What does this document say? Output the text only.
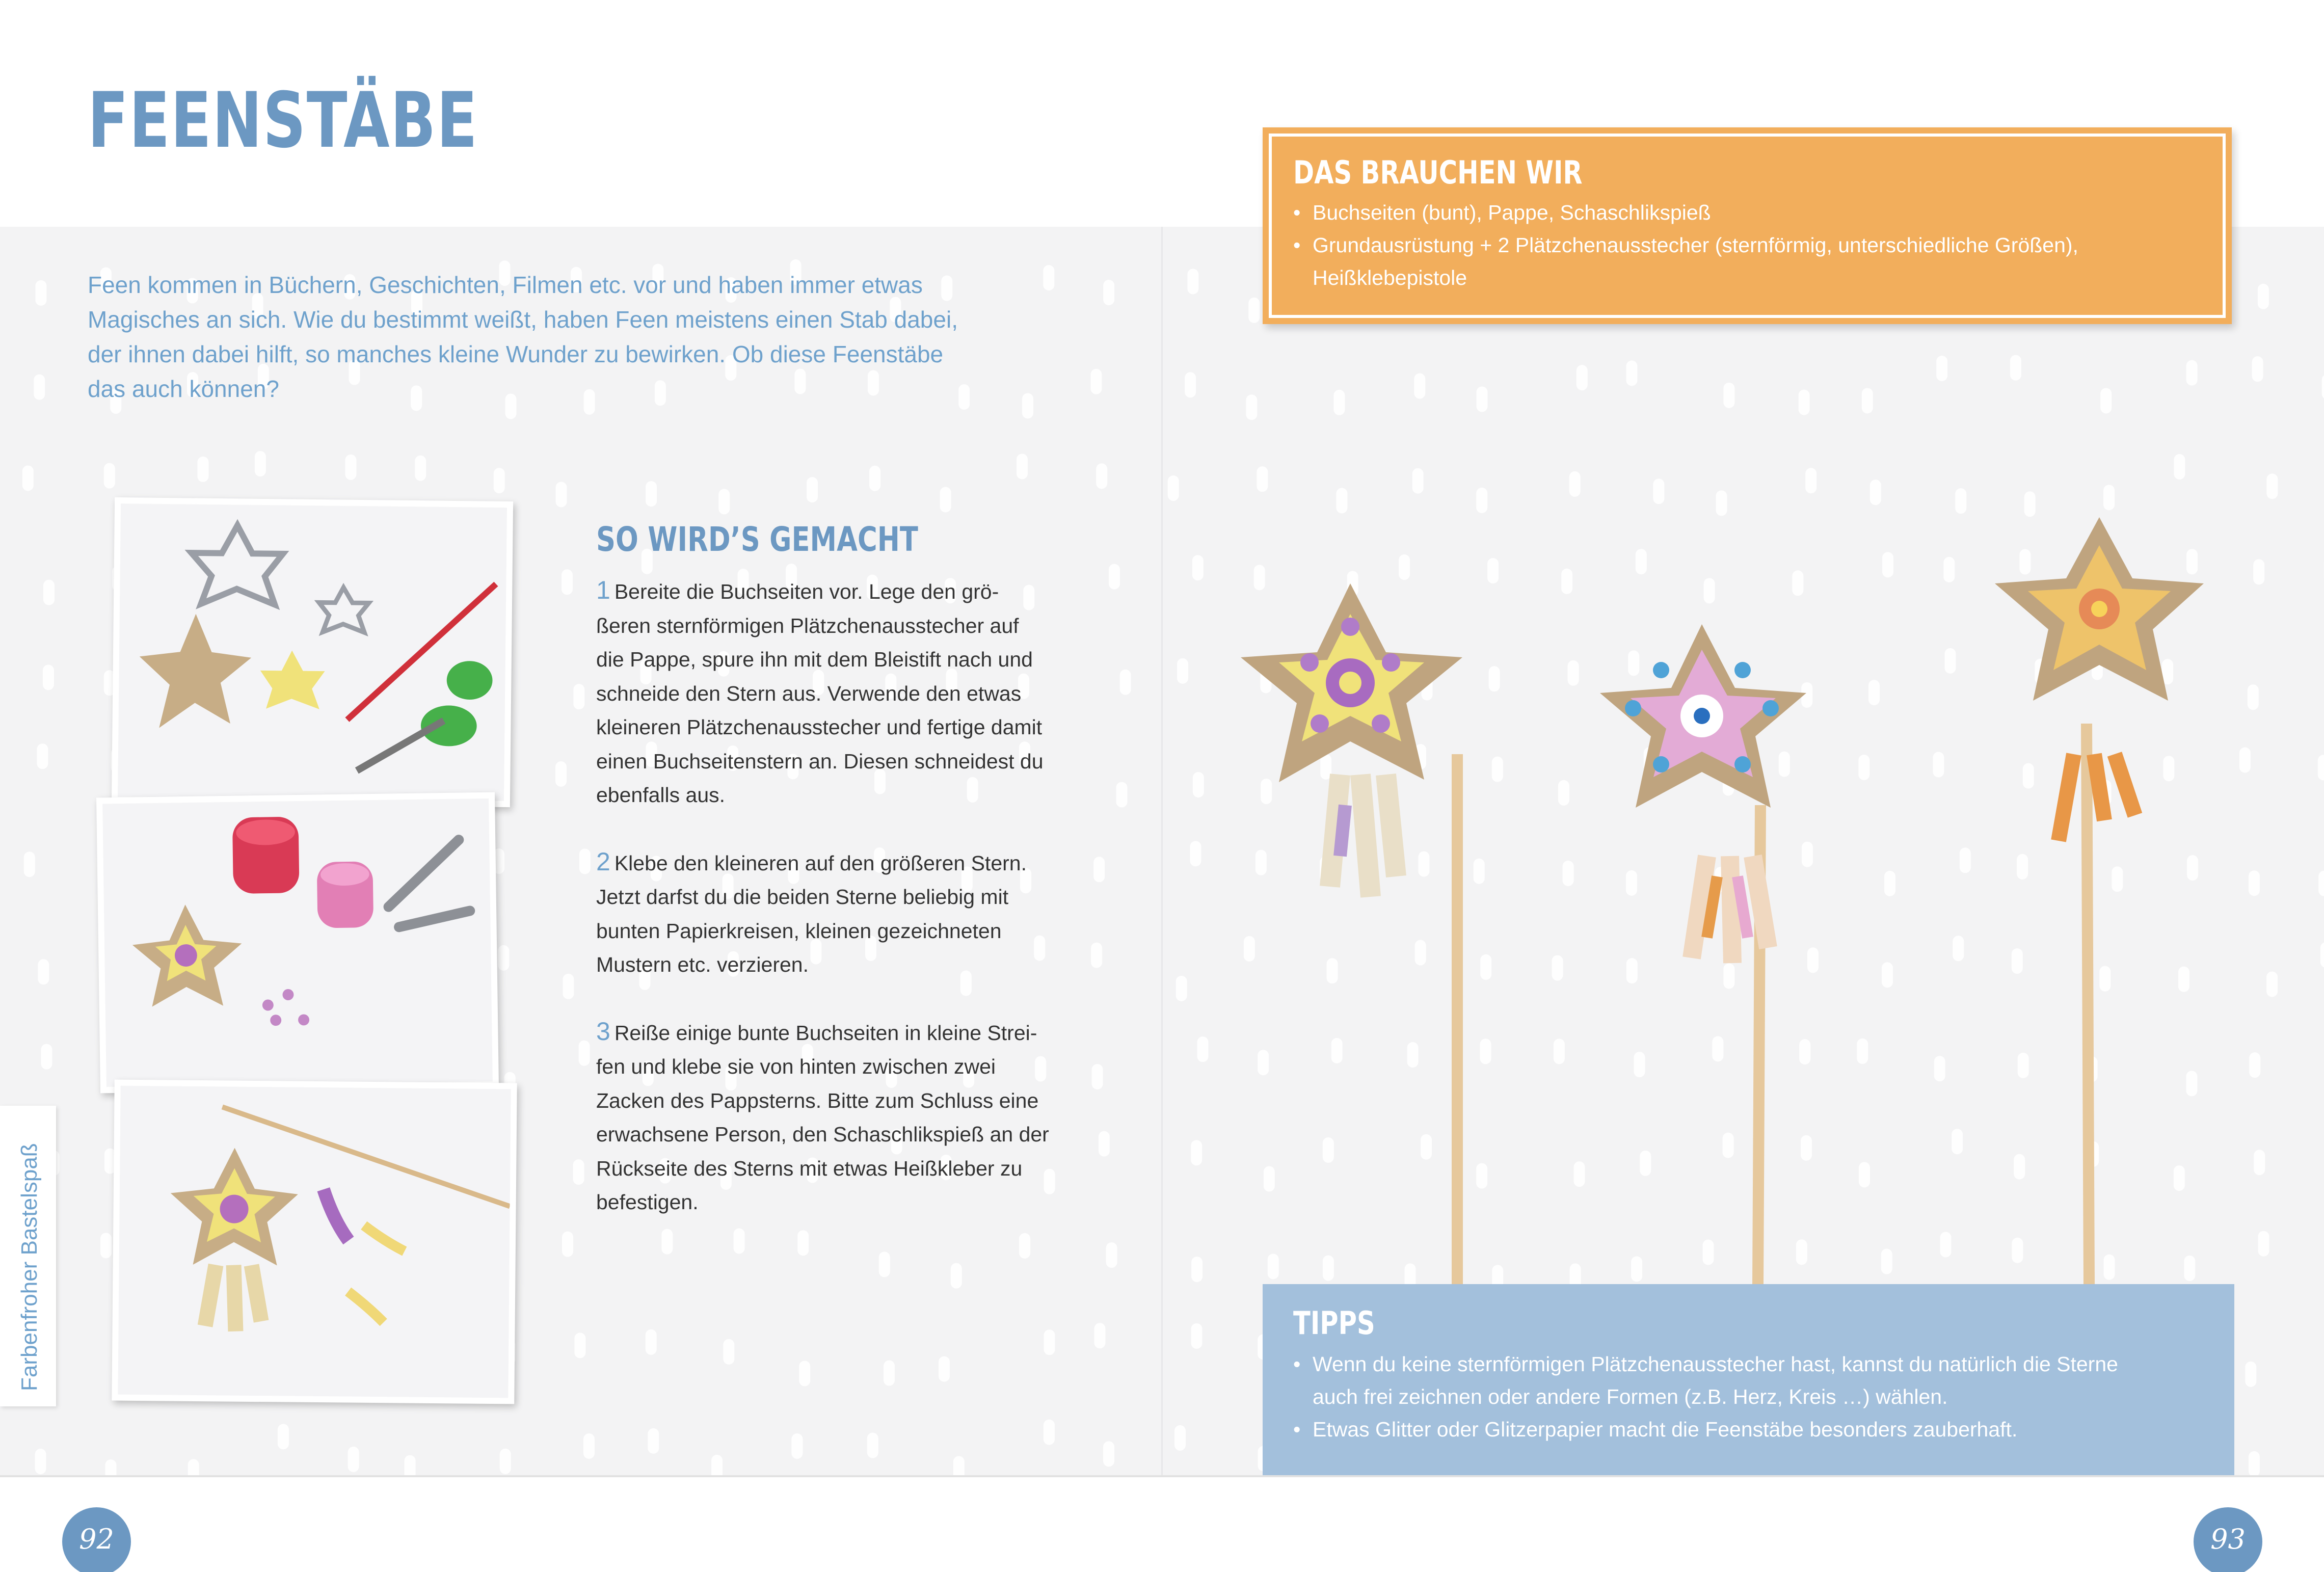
FEENSTÄBE
Feen kommen in Büchern, Geschichten, Filmen etc. vor und haben immer etwas
Magisches an sich. Wie du bestimmt weißt, haben Feen meistens einen Stab dabei,
der ihnen dabei hilft, so manches kleine Wunder zu bewirken. Ob diese Feenstäbe
das auch können?
SO WIRD’S GEMACHT
1 Bereite die Buchseiten vor. Lege den grö-
ßeren sternförmigen Plätzchenausstecher auf
die Pappe, spure ihn mit dem Bleistift nach und
schneide den Stern aus. Verwende den etwas
kleineren Plätzchenausstecher und fertige damit
einen Buchseitenstern an. Diesen schneidest du
ebenfalls aus.
2 Klebe den kleineren auf den größeren Stern.
Jetzt darfst du die beiden Sterne beliebig mit
bunten Papierkreisen, kleinen gezeichneten
Mustern etc. verzieren.
3 Reiße einige bunte Buchseiten in kleine Strei-
fen und klebe sie von hinten zwischen zwei
Zacken des Pappsterns. Bitte zum Schluss eine
erwachsene Person, den Schaschlikspieß an der
Rückseite des Sterns mit etwas Heißkleber zu
befestigen.
DAS BRAUCHEN WIR
• Buchseiten (bunt), Pappe, Schaschlikspieß
• Grundausrüstung + 2 Plätzchenausstecher (sternförmig, unterschiedliche Größen),
Heißklebepistole
TIPPS
• Wenn du keine sternförmigen Plätzchenausstecher hast, kannst du natürlich die Sterne
auch frei zeichnen oder andere Formen (z.B. Herz, Kreis …) wählen.
• Etwas Glitter oder Glitzerpapier macht die Feenstäbe besonders zauberhaft.
Farbenfroher Bastelspaß
92	93
